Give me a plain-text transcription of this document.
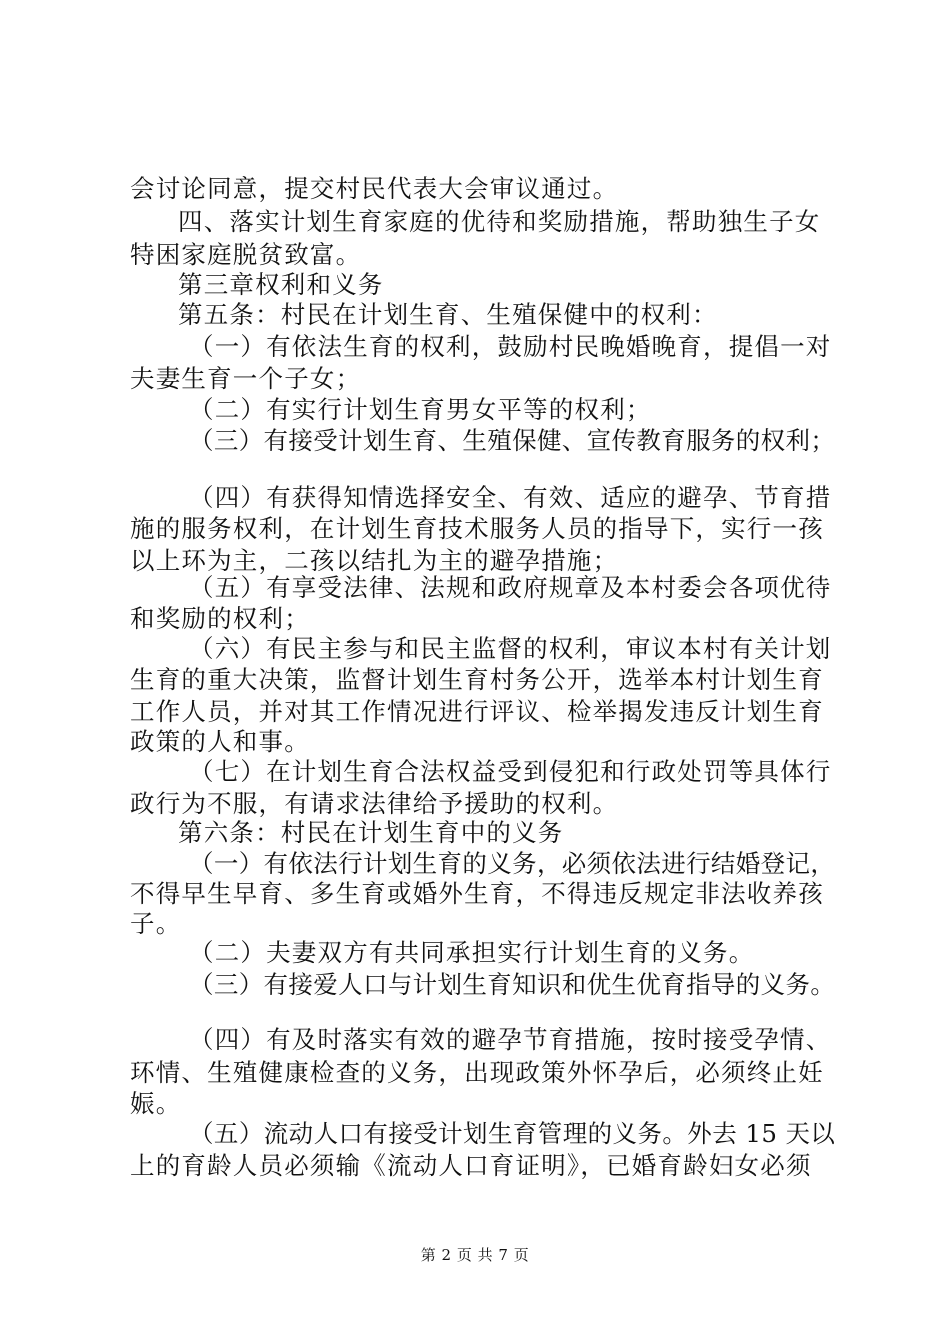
会讨论同意，提交村民代表大会审议通过。
四、落实计划生育家庭的优待和奖励措施，帮助独生子女
特困家庭脱贫致富。
第三章权利和义务
第五条：村民在计划生育、生殖保健中的权利：
（一）有依法生育的权利，鼓励村民晚婚晚育，提倡一对
夫妻生育一个子女；
（二）有实行计划生育男女平等的权利；
（三）有接受计划生育、生殖保健、宣传教育服务的权利；
（四）有获得知情选择安全、有效、适应的避孕、节育措
施的服务权利，在计划生育技术服务人员的指导下，实行一孩
以上环为主，二孩以结扎为主的避孕措施；
（五）有享受法律、法规和政府规章及本村委会各项优待
和奖励的权利；
（六）有民主参与和民主监督的权利，审议本村有关计划
生育的重大决策，监督计划生育村务公开，选举本村计划生育
工作人员，并对其工作情况进行评议、检举揭发违反计划生育
政策的人和事。
（七）在计划生育合法权益受到侵犯和行政处罚等具体行
政行为不服，有请求法律给予援助的权利。
第六条：村民在计划生育中的义务
（一）有依法行计划生育的义务，必须依法进行结婚登记，
不得早生早育、多生育或婚外生育，不得违反规定非法收养孩
子。
（二）夫妻双方有共同承担实行计划生育的义务。
（三）有接爱人口与计划生育知识和优生优育指导的义务。
（四）有及时落实有效的避孕节育措施，按时接受孕情、
环情、生殖健康检查的义务，出现政策外怀孕后，必须终止妊
娠。
（五）流动人口有接受计划生育管理的义务。外去 15 天以
上的育龄人员必须输《流动人口育证明》，已婚育龄妇女必须
第 2 页 共 7 页
